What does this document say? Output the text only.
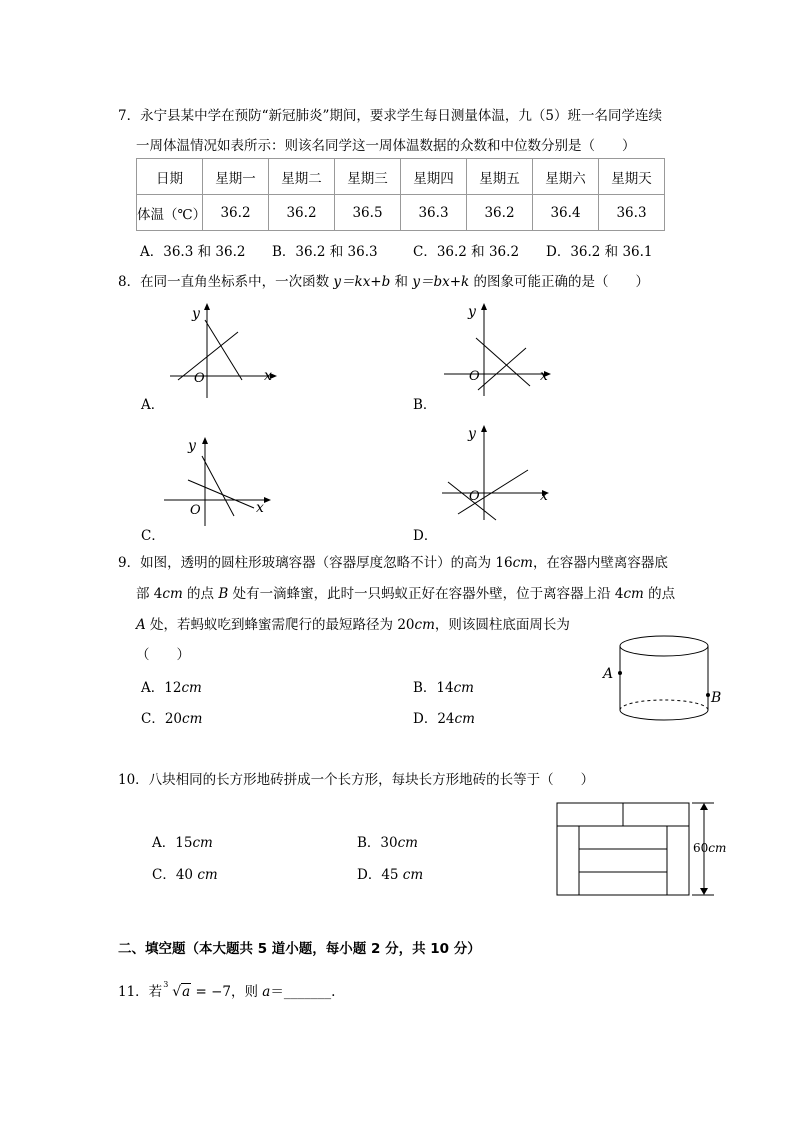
7．永宁县某中学在预防“新冠肺炎”期间，要求学生每日测量体温，九（5）班一名同学连续
一周体温情况如表所示：则该名同学这一周体温数据的众数和中位数分别是（　　）
日期	星期一	星期二	星期三	星期四	星期五	星期六	星期天
体温（℃）	36.2	36.2	36.5	36.3	36.2	36.4	36.3
A．36.3 和 36.2 B．36.2 和 36.3	C．36.2 和 36.2 D．36.2 和 36.1
8．在同一直角坐标系中，一次函数 y＝kx+b 和 y＝bx+k 的图象可能正确的是（　　）
y
x
O
A．
y
x
O
B．
y
x
O
C．
y
x
O
D．
9．如图，透明的圆柱形玻璃容器（容器厚度忽略不计）的高为 16cm，在容器内壁离容器底
部 4cm 的点 B 处有一滴蜂蜜，此时一只蚂蚁正好在容器外壁，位于离容器上沿 4cm 的点
A 处，若蚂蚁吃到蜂蜜需爬行的最短路径为 20cm，则该圆柱底面周长为
（　　）
A．12cm	B．14cm
C．20cm	D．24cm
A
B
10．八块相同的长方形地砖拼成一个长方形，每块长方形地砖的长等于（　　）
A．15cm	B．30cm
C．40 cm	D．45 cm
60cm
二、填空题（本大题共 5 道小题，每小题 2 分，共 10 分）
11．若 3 √a = −7，则 a＝_______.
